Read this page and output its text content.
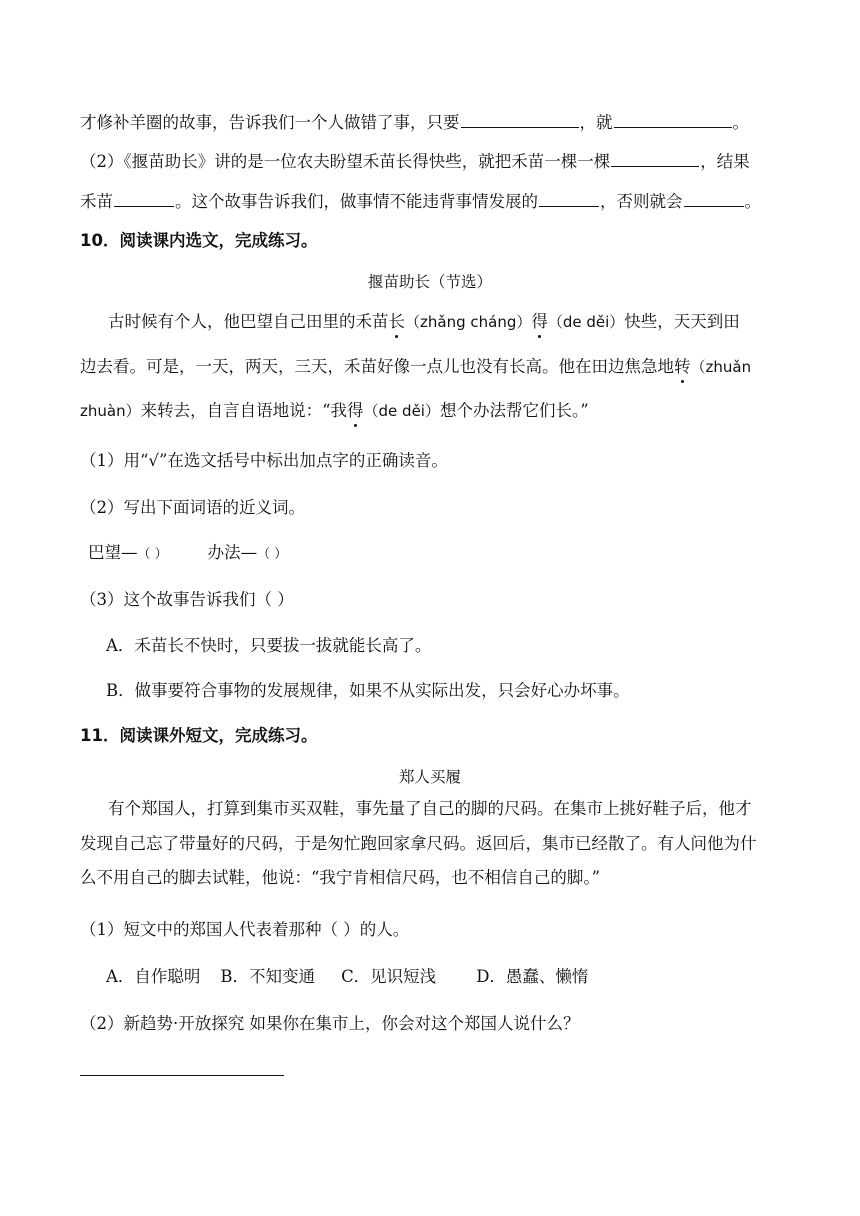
才修补羊圈的故事，告诉我们一个人做错了事，只要	，就	。
（2）《揠苗助长》讲的是一位农夫盼望禾苗长得快些，就把禾苗一棵一棵	，结果
禾苗	。这个故事告诉我们，做事情不能违背事情发展的	，否则就会	。
10．阅读课内选文，完成练习。
揠苗助长（节选）
古时候有个人，他巴望自己田里的禾苗长（zhǎng cháng）得（de děi）快些，天天到田
边去看。可是，一天，两天，三天，禾苗好像一点儿也没有长高。他在田边焦急地转（zhuǎn
zhuàn）来转去，自言自语地说：“我得（de děi）想个办法帮它们长。”
（1）用“√”在选文括号中标出加点字的正确读音。
（2）写出下面词语的近义词。
巴望—（ ） 办法—（ ）
（3）这个故事告诉我们（ ）
A．禾苗长不快时，只要拔一拔就能长高了。
B．做事要符合事物的发展规律，如果不从实际出发，只会好心办坏事。
11．阅读课外短文，完成练习。
郑人买履
有个郑国人，打算到集市买双鞋，事先量了自己的脚的尺码。在集市上挑好鞋子后，他才
发现自己忘了带量好的尺码，于是匆忙跑回家拿尺码。返回后，集市已经散了。有人问他为什
么不用自己的脚去试鞋，他说：“我宁肯相信尺码，也不相信自己的脚。”
（1）短文中的郑国人代表着那种（ ）的人。
A．自作聪明 B．不知变通 C．见识短浅 D．愚蠢、懒惰
（2）新趋势·开放探究 如果你在集市上，你会对这个郑国人说什么？
